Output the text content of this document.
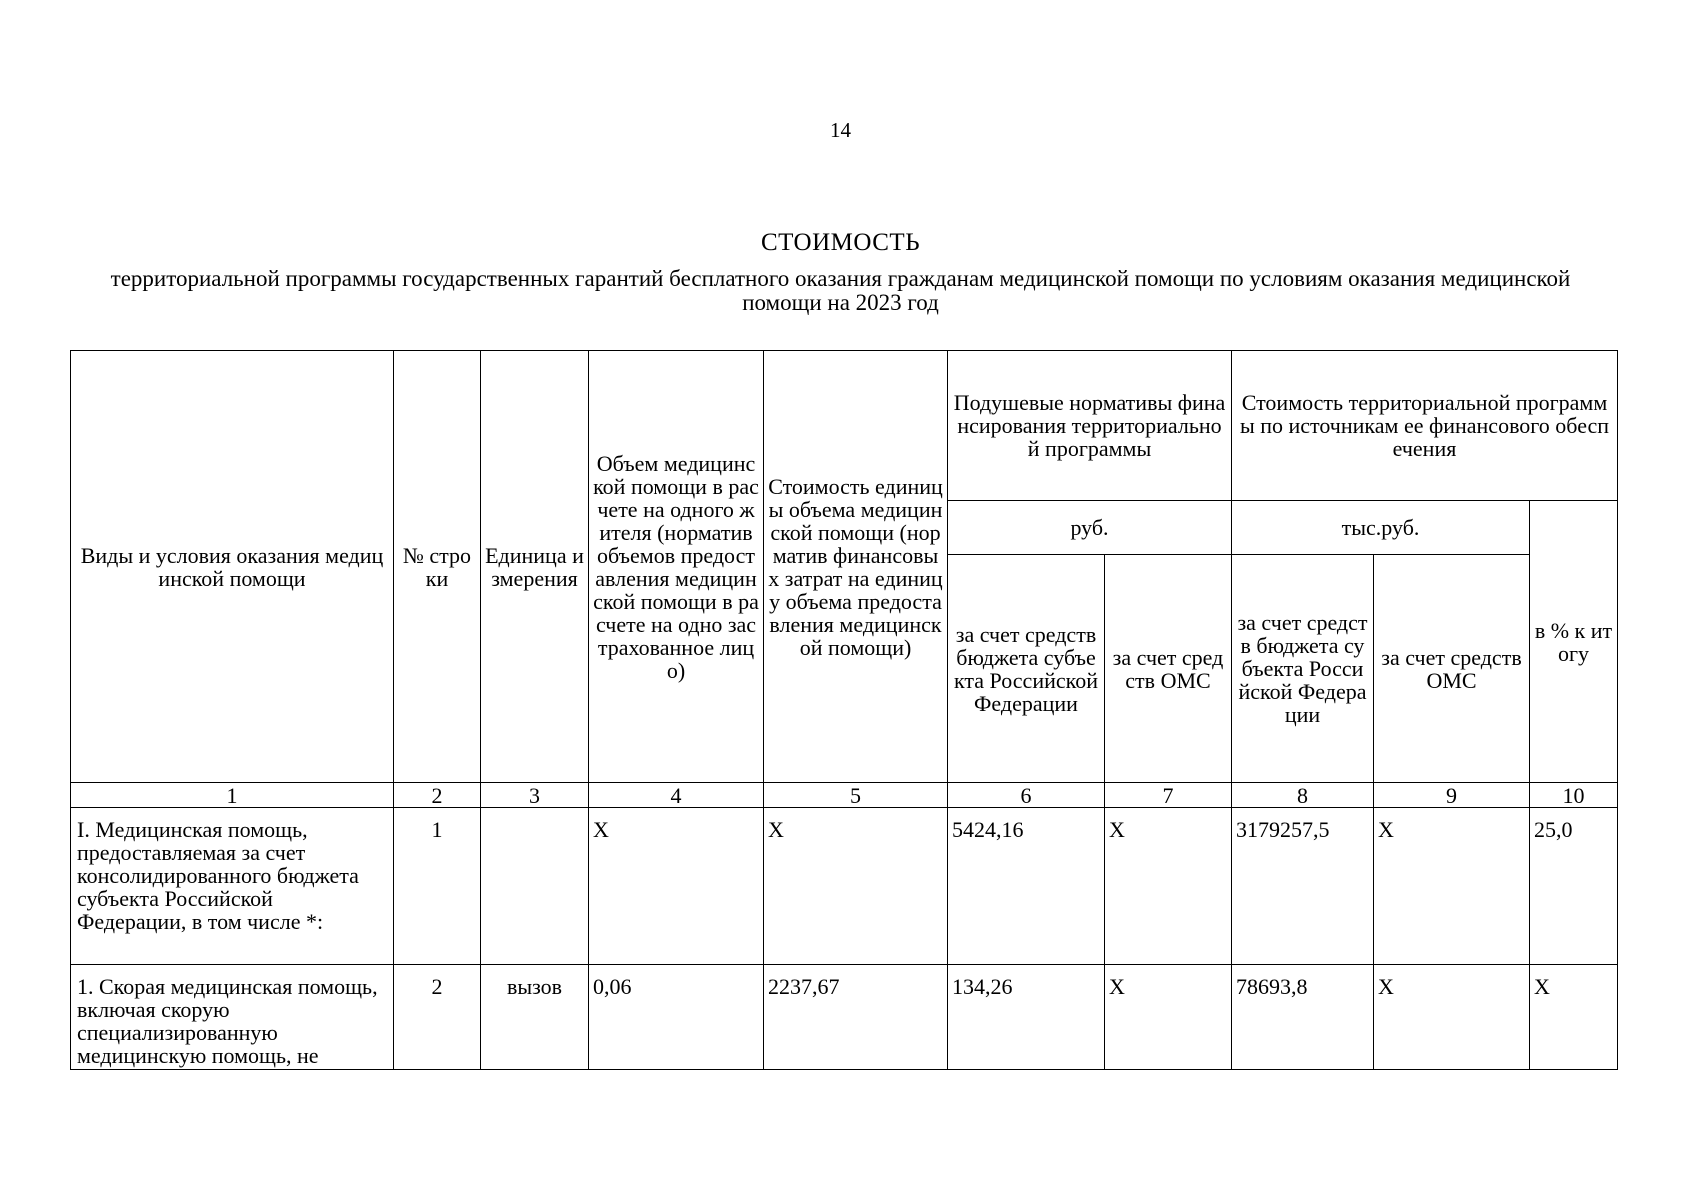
14
СТОИМОСТЬ
территориальной программы государственных гарантий бесплатного оказания гражданам медицинской помощи по условиям оказания медицинской помощи на 2023 год
Виды и условия оказания медицинской помощи	№ строки	Единица измерения	Объем медицинской помощи в расчете на одного жителя (норматив объемов предоставления медицинской помощи в расчете на одно застрахованное лицо)	Стоимость единицы объема медицинской помощи (норматив финансовых затрат на единицу объема предоставления медицинской помощи)	Подушевые нормативы финансирования территориальной программы		Стоимость территориальной программы по источникам ее финансового обеспечения		
					руб.		тыс.руб.		в % к итогу
					за счет средств бюджета субъекта Российской Федерации	за счет средств ОМС	за счет средств бюджета субъекта Российской Федерации	за счет средств ОМС	
1	2	3	4	5	6	7	8	9	10
I. Медицинская помощь, предоставляемая за счет консолидированного бюджета субъекта Российской Федерации, в том числе *:	1		Х	Х	5424,16	Х	3179257,5	Х	25,0
1. Скорая медицинская помощь, включая скорую специализированную медицинскую помощь, не	2	вызов	0,06	2237,67	134,26	Х	78693,8	Х	Х
